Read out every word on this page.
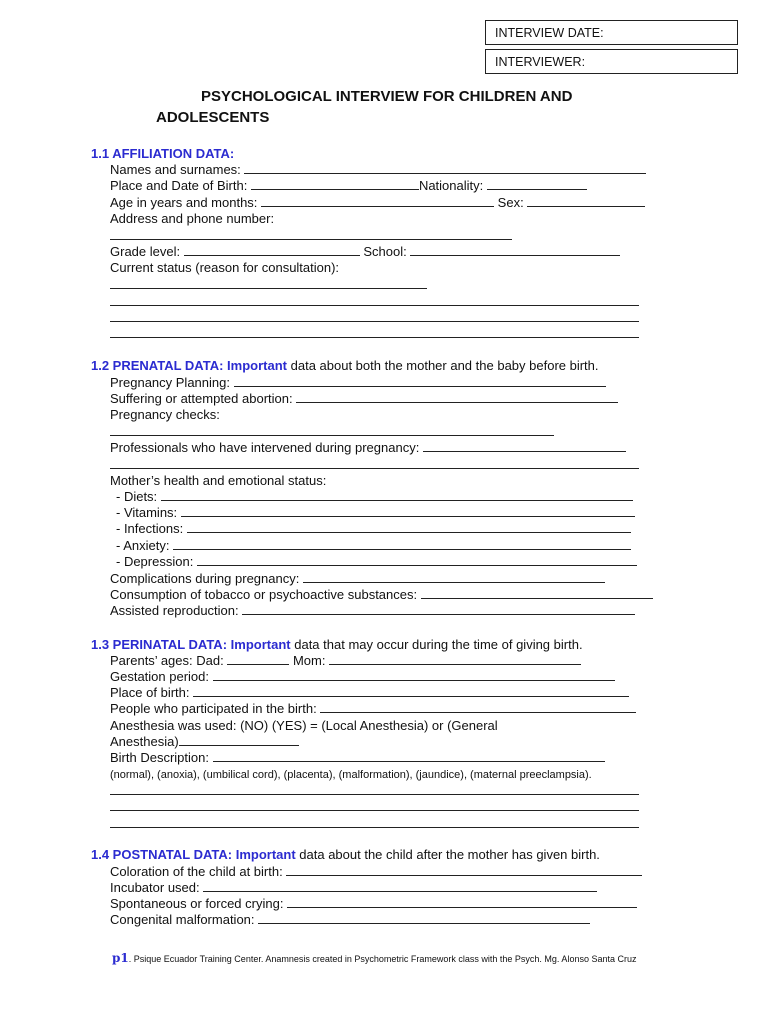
INTERVIEW DATE:
INTERVIEWER:
PSYCHOLOGICAL INTERVIEW FOR CHILDREN AND
ADOLESCENTS
1.1 AFFILIATION DATA:
Names and surnames:
Place and Date of Birth:	Nationality:
Age in years and months:	Sex:
Address and phone number:
Grade level:	School:
Current status (reason for consultation):
1.2 PRENATAL DATA: Important data about both the mother and the baby before birth.
Pregnancy Planning:
Suffering or attempted abortion:
Pregnancy checks:
Professionals who have intervened during pregnancy:
Mother’s health and emotional status:
- Diets:
- Vitamins:
- Infections:
- Anxiety:
- Depression:
Complications during pregnancy:
Consumption of tobacco or psychoactive substances:
Assisted reproduction:
1.3 PERINATAL DATA: Important data that may occur during the time of giving birth.
Parents’ ages: Dad:	Mom:
Gestation period:
Place of birth:
People who participated in the birth:
Anesthesia was used: (NO) (YES) = (Local Anesthesia) or (General
Anesthesia)
Birth Description:
(normal), (anoxia), (umbilical cord), (placenta), (malformation), (jaundice), (maternal preeclampsia).
1.4 POSTNATAL DATA: Important data about the child after the mother has given birth.
Coloration of the child at birth:
Incubator used:
Spontaneous or forced crying:
Congenital malformation:
p1. Psique Ecuador Training Center. Anamnesis created in Psychometric Framework class with the Psych. Mg. Alonso Santa Cruz
